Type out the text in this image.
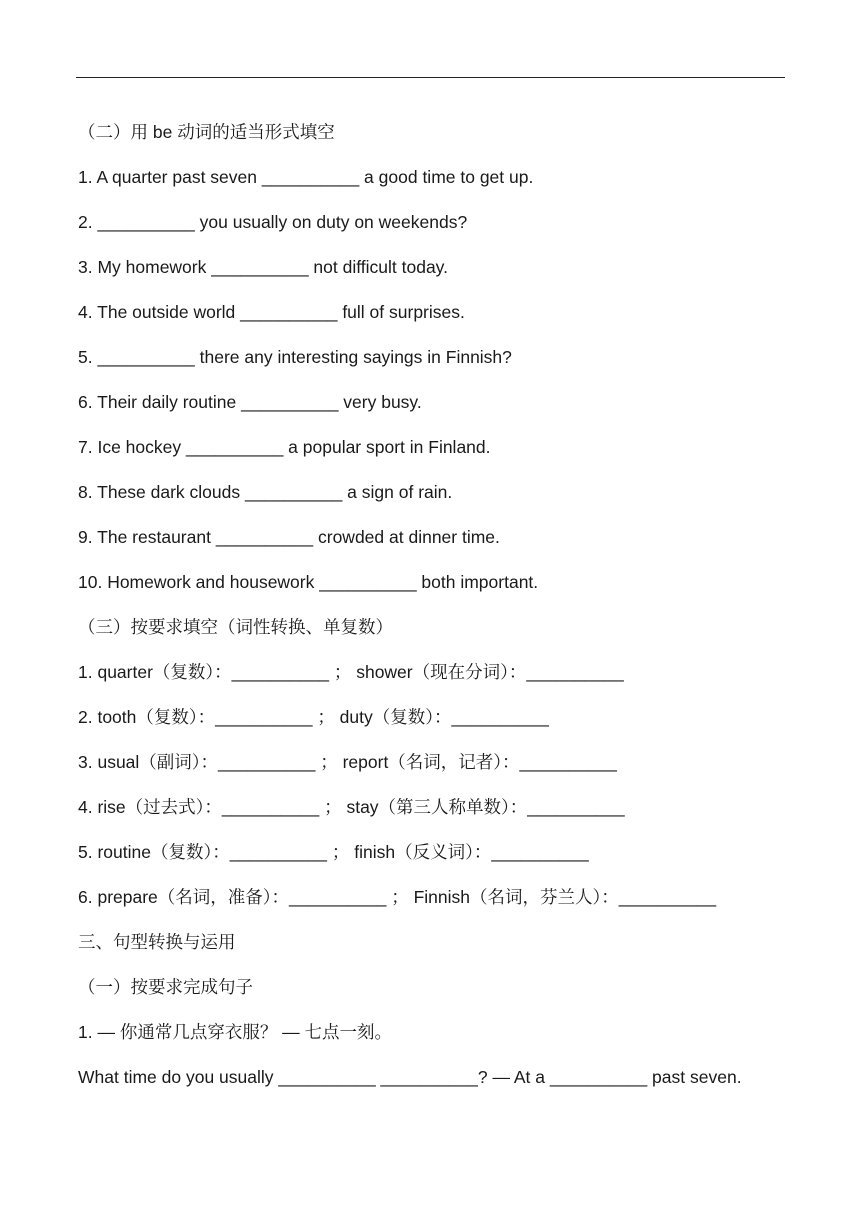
（二）用 be 动词的适当形式填空
1. A quarter past seven __________ a good time to get up.
2. __________ you usually on duty on weekends?
3. My homework __________ not difficult today.
4. The outside world __________ full of surprises.
5. __________ there any interesting sayings in Finnish?
6. Their daily routine __________ very busy.
7. Ice hockey __________ a popular sport in Finland.
8. These dark clouds __________ a sign of rain.
9. The restaurant __________ crowded at dinner time.
10. Homework and housework __________ both important.
（三）按要求填空（词性转换、单复数）
1. quarter（复数）：__________ ； shower（现在分词）：__________
2. tooth（复数）：__________ ； duty（复数）：__________
3. usual（副词）：__________ ； report（名词，记者）：__________
4. rise（过去式）：__________ ； stay（第三人称单数）：__________
5. routine（复数）：__________ ； finish（反义词）：__________
6. prepare（名词，准备）：__________ ； Finnish（名词，芬兰人）：__________
三、句型转换与运用
（一）按要求完成句子
1. — 你通常几点穿衣服？ — 七点一刻。
What time do you usually __________ __________? — At a __________ past seven.
